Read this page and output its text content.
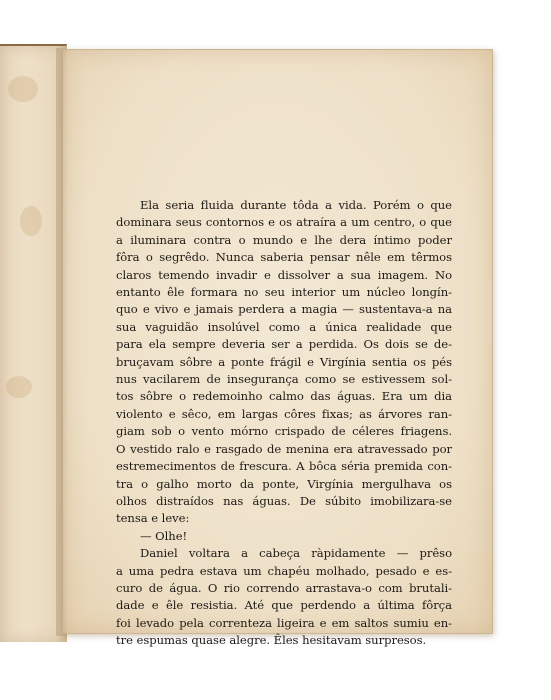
Ela seria fluida durante tôda a vida. Porém o que
dominara seus contornos e os atraíra a um centro, o que
a iluminara contra o mundo e lhe dera íntimo poder
fôra o segrêdo. Nunca saberia pensar nêle em têrmos
claros temendo invadir e dissolver a sua imagem. No
entanto êle formara no seu interior um núcleo longín-
quo e vivo e jamais perdera a magia — sustentava-a na
sua vaguidão insolúvel como a única realidade que
para ela sempre deveria ser a perdida. Os dois se de-
bruçavam sôbre a ponte frágil e Virgínia sentia os pés
nus vacilarem de insegurança como se estivessem sol-
tos sôbre o redemoinho calmo das águas. Era um dia
violento e sêco, em largas côres fixas; as árvores ran-
giam sob o vento mórno crispado de céleres friagens.
O vestido ralo e rasgado de menina era atravessado por
estremecimentos de frescura. A bôca séria premida con-
tra o galho morto da ponte, Virgínia mergulhava os
olhos distraídos nas águas. De súbito imobilizara-se
tensa e leve:
— Olhe!
Daniel voltara a cabeça ràpidamente — prêso
a uma pedra estava um chapéu molhado, pesado e es-
curo de água. O rio correndo arrastava-o com brutali-
dade e êle resistia. Até que perdendo a última fôrça
foi levado pela correnteza ligeira e em saltos sumiu en-
tre espumas quase alegre. Êles hesitavam surpresos.
